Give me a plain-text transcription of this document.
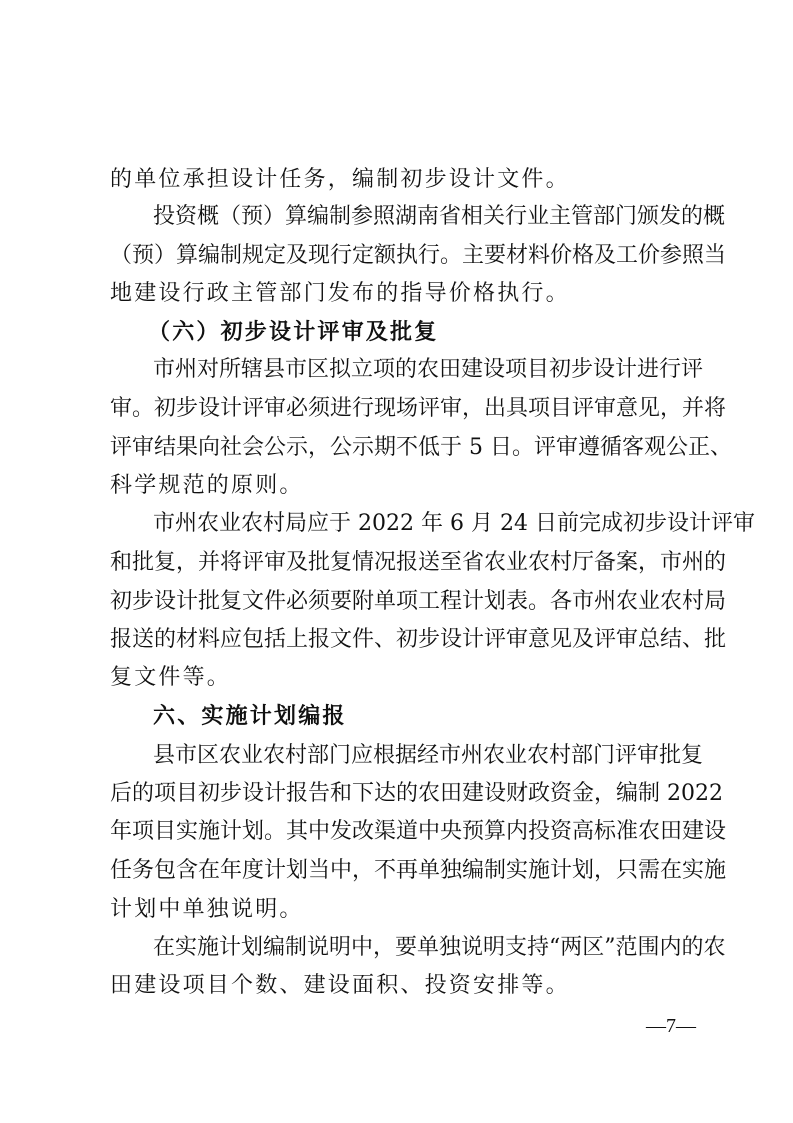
的单位承担设计任务，编制初步设计文件。
投资概（预）算编制参照湖南省相关行业主管部门颁发的概
（预）算编制规定及现行定额执行。主要材料价格及工价参照当
地建设行政主管部门发布的指导价格执行。
（六）初步设计评审及批复
市州对所辖县市区拟立项的农田建设项目初步设计进行评
审。初步设计评审必须进行现场评审，出具项目评审意见，并将
评审结果向社会公示，公示期不低于 5 日。评审遵循客观公正、
科学规范的原则。
市州农业农村局应于 2022 年 6 月 24 日前完成初步设计评审
和批复，并将评审及批复情况报送至省农业农村厅备案，市州的
初步设计批复文件必须要附单项工程计划表。各市州农业农村局
报送的材料应包括上报文件、初步设计评审意见及评审总结、批
复文件等。
六、实施计划编报
县市区农业农村部门应根据经市州农业农村部门评审批复
后的项目初步设计报告和下达的农田建设财政资金，编制 2022
年项目实施计划。其中发改渠道中央预算内投资高标准农田建设
任务包含在年度计划当中，不再单独编制实施计划，只需在实施
计划中单独说明。
在实施计划编制说明中，要单独说明支持“两区”范围内的农
田建设项目个数、建设面积、投资安排等。
—7—
